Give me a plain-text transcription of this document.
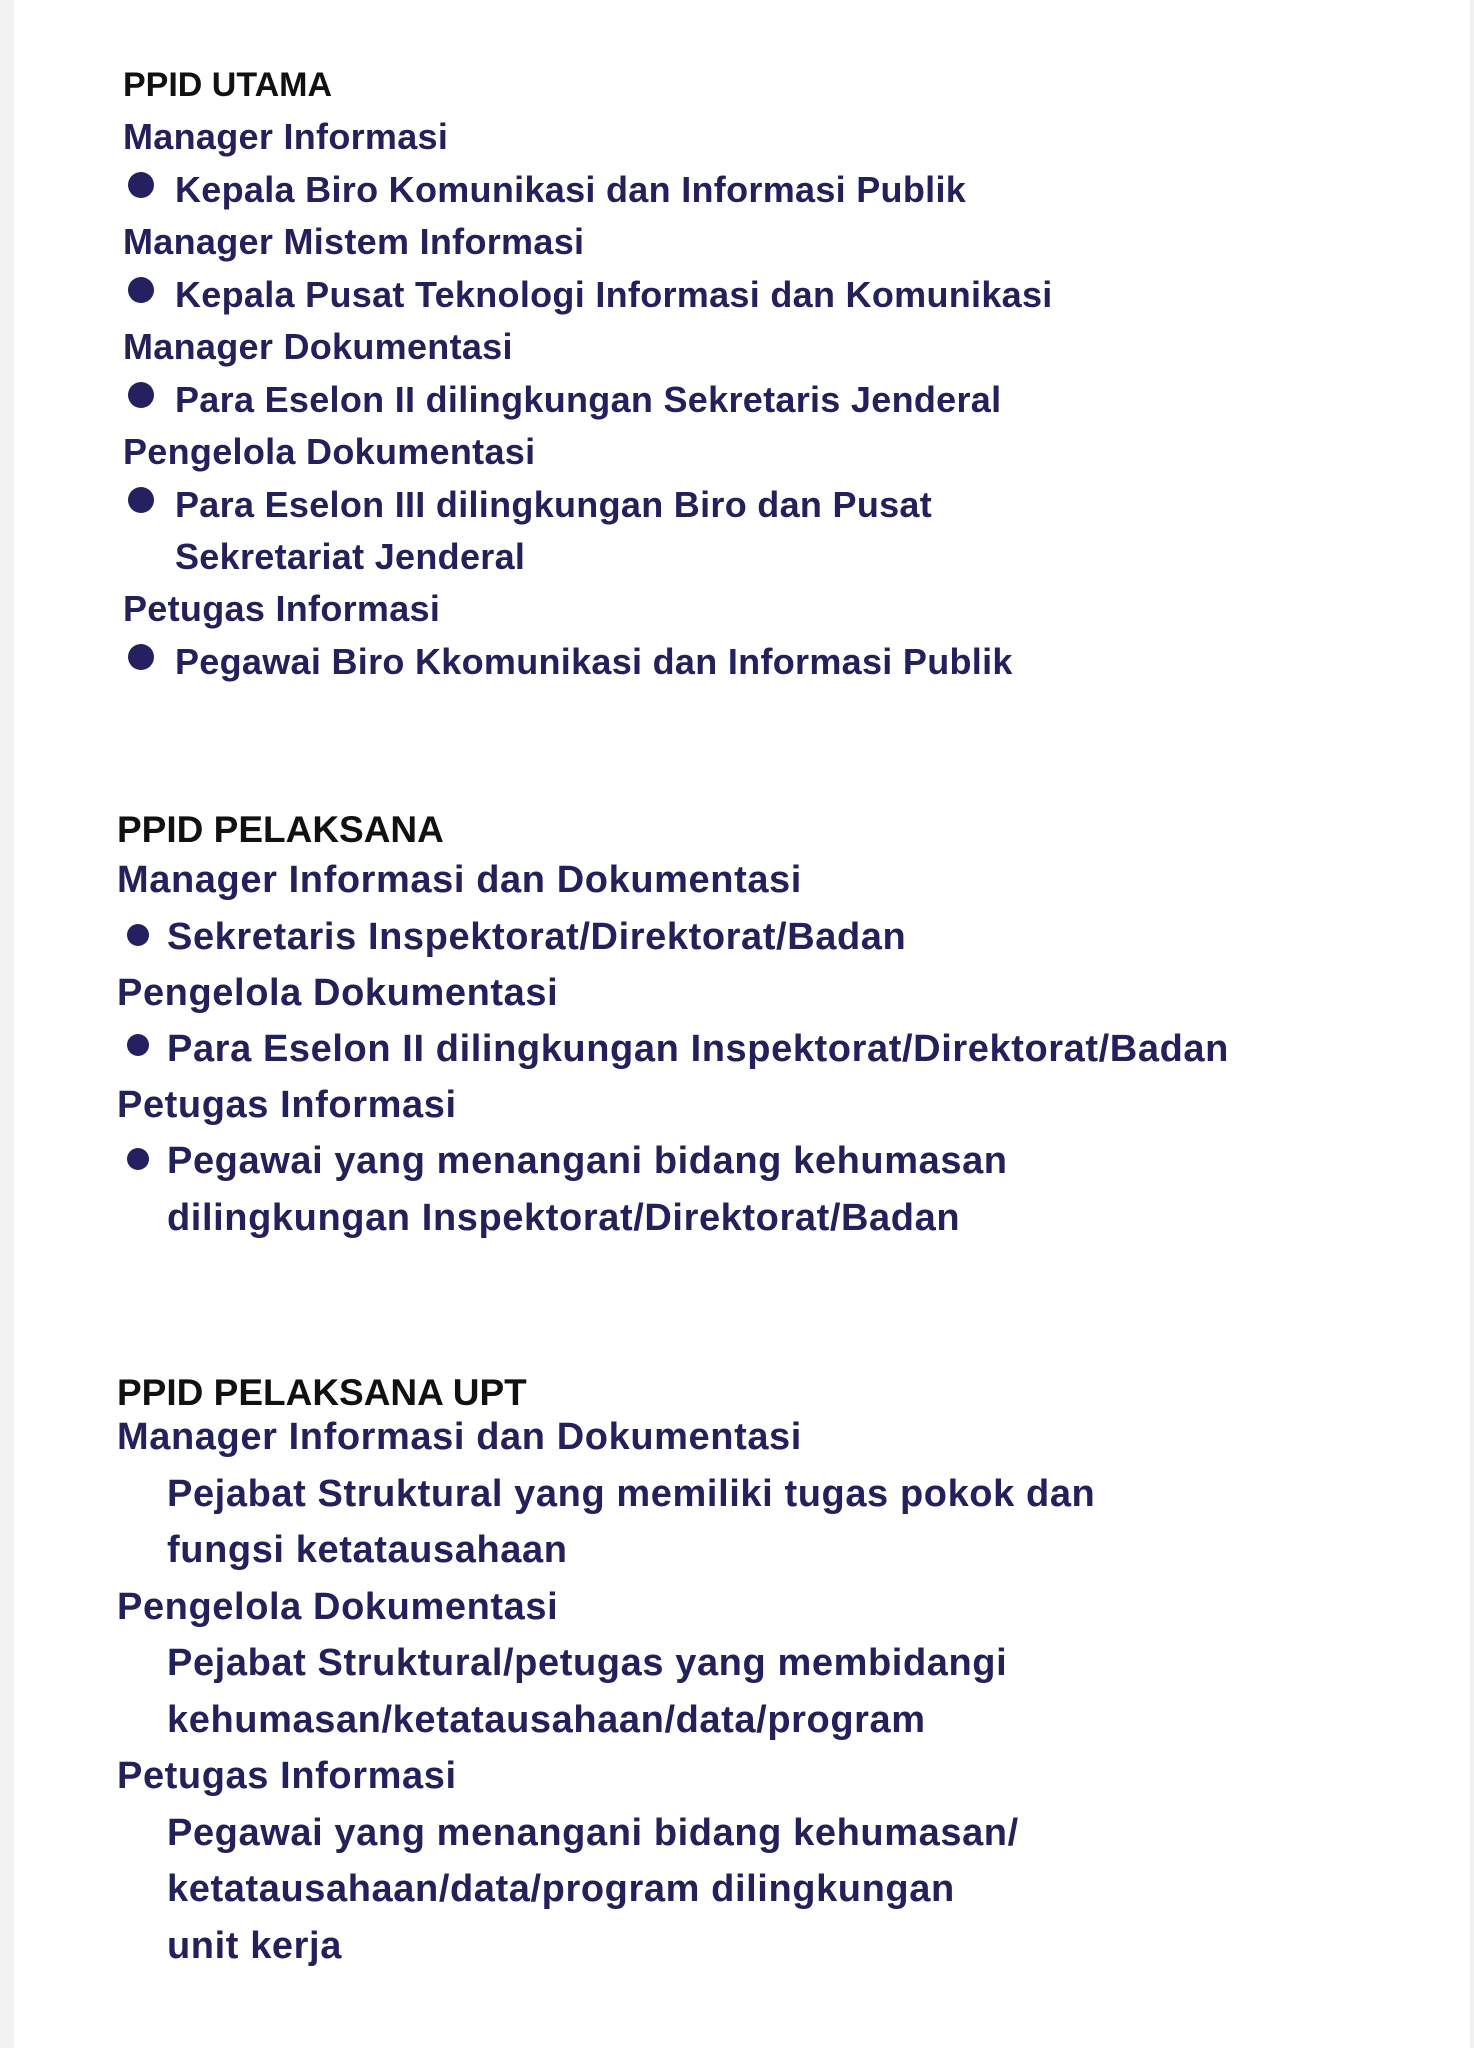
PPID UTAMA
Manager Informasi
Kepala Biro Komunikasi dan Informasi Publik
Manager Mistem Informasi
Kepala Pusat Teknologi Informasi dan Komunikasi
Manager Dokumentasi
Para Eselon II dilingkungan Sekretaris Jenderal
Pengelola Dokumentasi
Para Eselon III dilingkungan Biro dan Pusat
Sekretariat Jenderal
Petugas Informasi
Pegawai Biro Kkomunikasi dan Informasi Publik
PPID PELAKSANA
Manager Informasi dan Dokumentasi
Sekretaris Inspektorat/Direktorat/Badan
Pengelola Dokumentasi
Para Eselon II dilingkungan Inspektorat/Direktorat/Badan
Petugas Informasi
Pegawai yang menangani bidang kehumasan
dilingkungan Inspektorat/Direktorat/Badan
PPID PELAKSANA UPT
Manager Informasi dan Dokumentasi
Pejabat Struktural yang memiliki tugas pokok dan
fungsi ketatausahaan
Pengelola Dokumentasi
Pejabat Struktural/petugas yang membidangi
kehumasan/ketatausahaan/data/program
Petugas Informasi
Pegawai yang menangani bidang kehumasan/
ketatausahaan/data/program dilingkungan
unit kerja
